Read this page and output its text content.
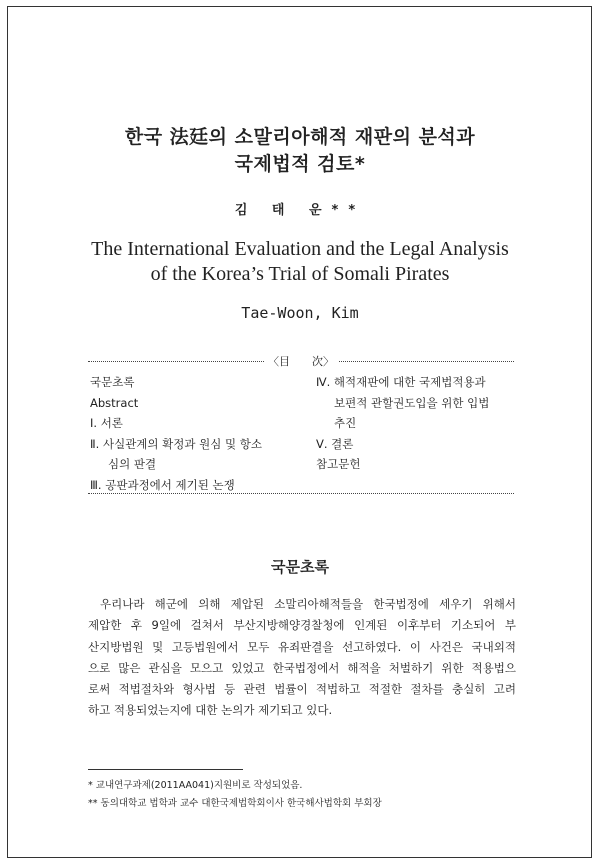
한국 法廷의 소말리아해적 재판의 분석과
국제법적 검토*
김 태 운**
The International Evaluation and the Legal Analysis
of the Korea’s Trial of Somali Pirates
Tae-Woon, Kim
〈目　　次〉
국문초록
Abstract
Ⅰ. 서론
Ⅱ. 사실관계의 확정과 원심 및 항소
심의 판결
Ⅲ. 공판과정에서 제기된 논쟁
Ⅳ. 해적재판에 대한 국제법적용과
보편적 관할권도입을 위한 입법
추진
Ⅴ. 결론
참고문헌
국문초록
우리나라 해군에 의해 제압된 소말리아해적들을 한국법정에 세우기 위해서
제압한 후 9일에 걸쳐서 부산지방해양경찰청에 인계된 이후부터 기소되어 부
산지방법원 및 고등법원에서 모두 유죄판결을 선고하였다. 이 사건은 국내외적
으로 많은 관심을 모으고 있었고 한국법정에서 해적을 처벌하기 위한 적용법으
로써 적법절차와 형사법 등 관련 법률이 적법하고 적절한 절차를 충실히 고려
하고 적용되었는지에 대한 논의가 제기되고 있다.
* 교내연구과제(2011AA041)지원비로 작성되었음.
** 동의대학교 법학과 교수 대한국제법학회이사 한국해사법학회 부회장
